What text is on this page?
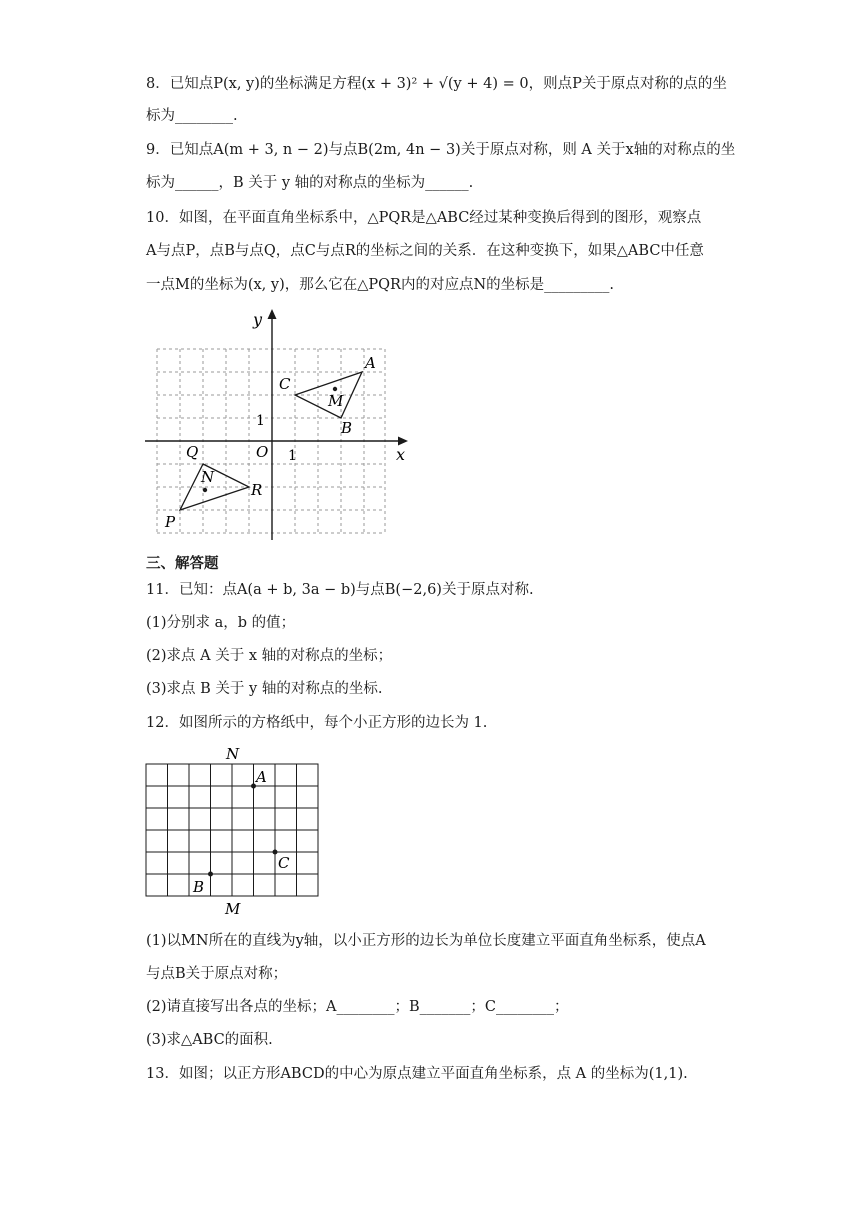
8．已知点P(x, y)的坐标满足方程(x + 3)² + √(y + 4) = 0，则点P关于原点对称的点的坐
标为________.
9．已知点A(m + 3, n − 2)与点B(2m, 4n − 3)关于原点对称，则 A 关于x轴的对称点的坐
标为______，B 关于 y 轴的对称点的坐标为______.
10．如图，在平面直角坐标系中，△PQR是△ABC经过某种变换后得到的图形，观察点
A与点P，点B与点Q，点C与点R的坐标之间的关系．在这种变换下，如果△ABC中任意
一点M的坐标为(x, y)，那么它在△PQR内的对应点N的坐标是_________.
y
x
O 1
1
A
B
C
M
P
Q
R
N
三、解答题
11．已知：点A(a + b, 3a − b)与点B(−2,6)关于原点对称.
(1)分别求 a，b 的值；
(2)求点 A 关于 x 轴的对称点的坐标；
(3)求点 B 关于 y 轴的对称点的坐标.
12．如图所示的方格纸中，每个小正方形的边长为 1.
N
M
A
B
C
(1)以MN所在的直线为y轴，以小正方形的边长为单位长度建立平面直角坐标系，使点A
与点B关于原点对称；
(2)请直接写出各点的坐标；A________；B_______；C________；
(3)求△ABC的面积.
13．如图；以正方形ABCD的中心为原点建立平面直角坐标系，点 A 的坐标为(1,1).
